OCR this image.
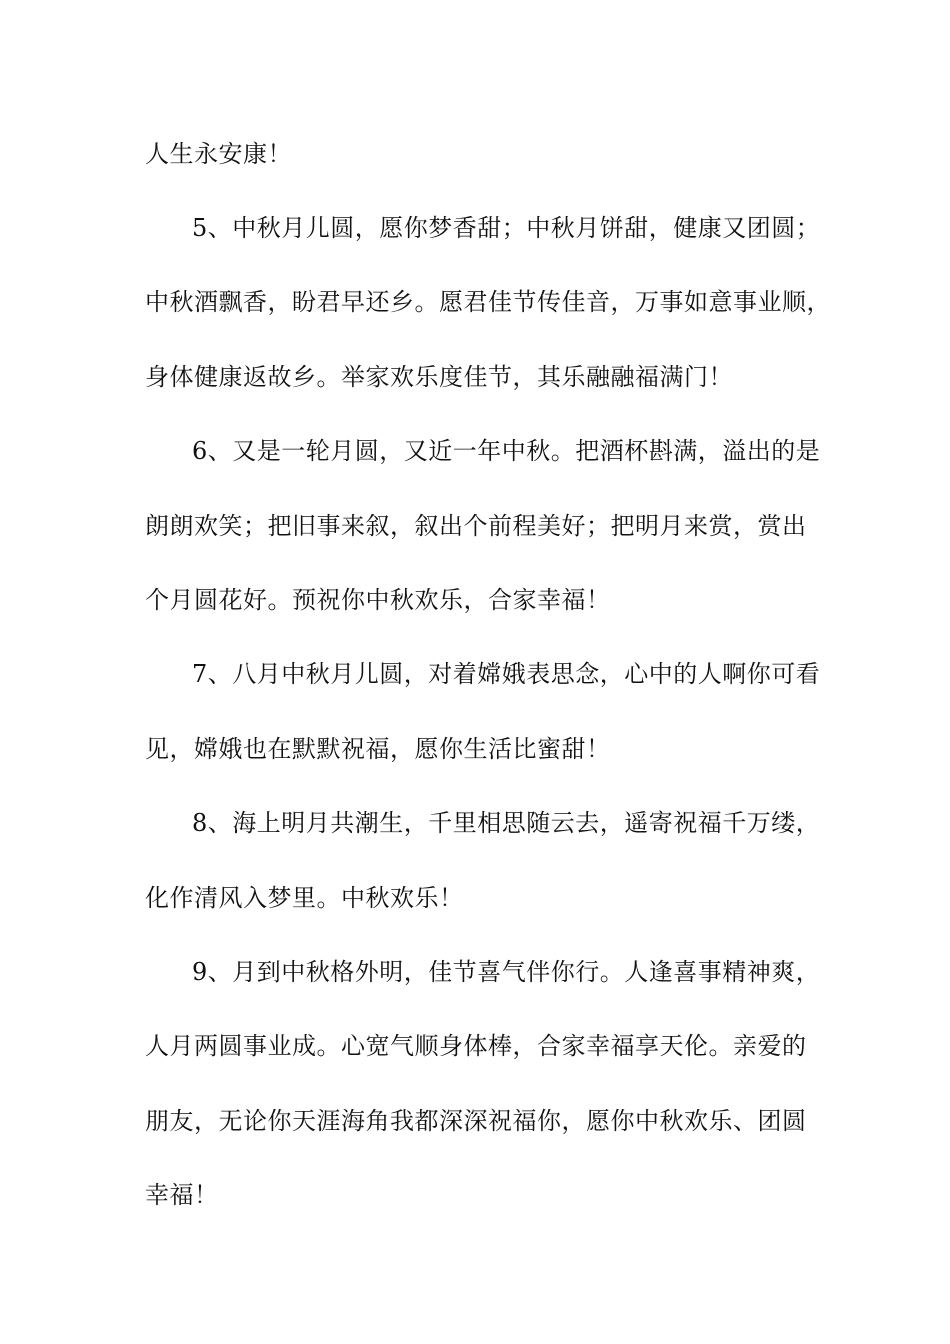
人生永安康！
5、中秋月儿圆，愿你梦香甜；中秋月饼甜，健康又团圆；
中秋酒飘香，盼君早还乡。愿君佳节传佳音，万事如意事业顺，
身体健康返故乡。举家欢乐度佳节，其乐融融福满门！
6、又是一轮月圆，又近一年中秋。把酒杯斟满，溢出的是
朗朗欢笑；把旧事来叙，叙出个前程美好；把明月来赏，赏出
个月圆花好。预祝你中秋欢乐，合家幸福！
7、八月中秋月儿圆，对着嫦娥表思念，心中的人啊你可看
见，嫦娥也在默默祝福，愿你生活比蜜甜！
8、海上明月共潮生，千里相思随云去，遥寄祝福千万缕，
化作清风入梦里。中秋欢乐！
9、月到中秋格外明，佳节喜气伴你行。人逢喜事精神爽，
人月两圆事业成。心宽气顺身体棒，合家幸福享天伦。亲爱的
朋友，无论你天涯海角我都深深祝福你，愿你中秋欢乐、团圆
幸福！
